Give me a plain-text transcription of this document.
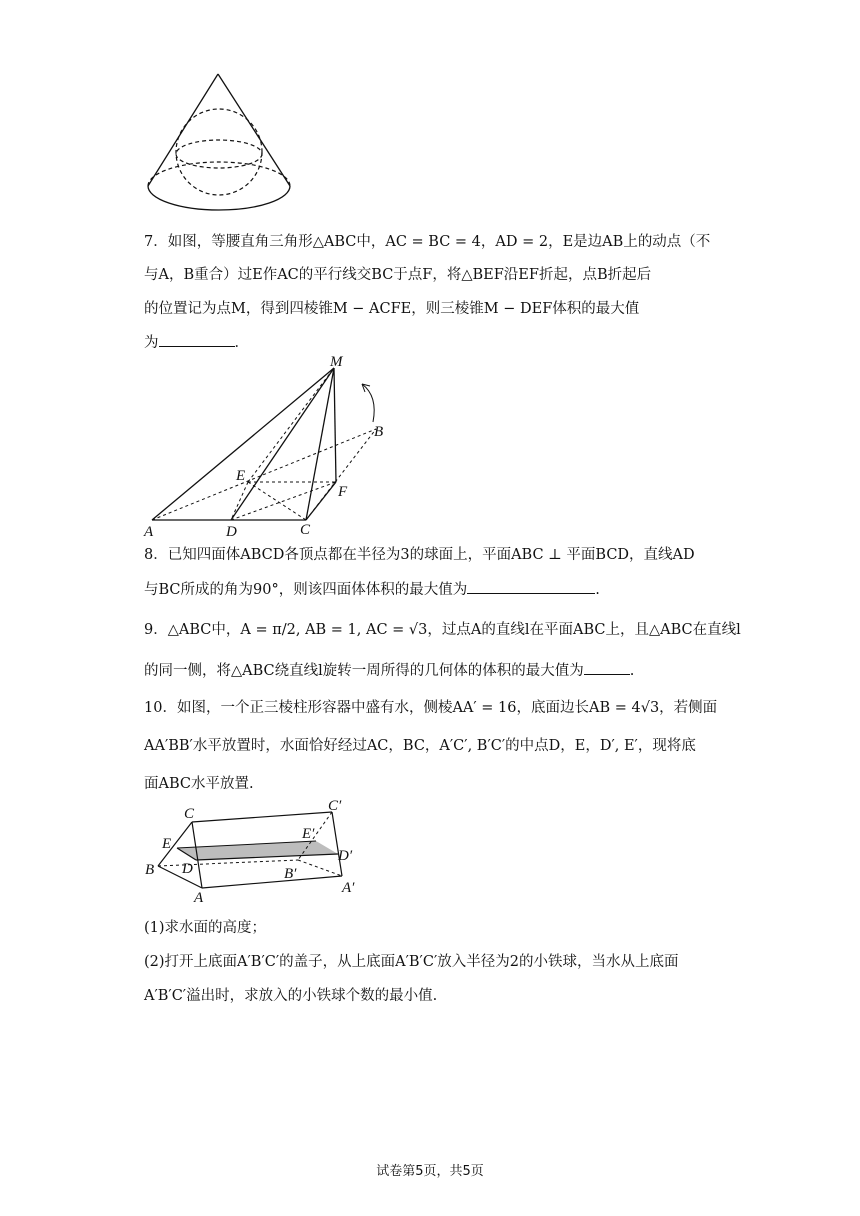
7．如图，等腰直角三角形△ABC中，AC = BC = 4，AD = 2，E是边AB上的动点（不
与A，B重合）过E作AC的平行线交BC于点F，将△BEF沿EF折起，点B折起后
的位置记为点M，得到四棱锥M − ACFE，则三棱锥M − DEF体积的最大值
为	．
M
B
E
F
A	D	C
8．已知四面体ABCD各顶点都在半径为3的球面上，平面ABC ⊥ 平面BCD，直线AD
与BC所成的角为90°，则该四面体体积的最大值为	.
9．△ABC中，A = π/2, AB = 1, AC = √3，过点A的直线l在平面ABC上，且△ABC在直线l
的同一侧，将△ABC绕直线l旋转一周所得的几何体的体积的最大值为	.
10．如图，一个正三棱柱形容器中盛有水，侧棱AA′ = 16，底面边长AB = 4√3，若侧面
AA′BB′水平放置时，水面恰好经过AC，BC，A′C′, B′C′的中点D，E，D′, E′，现将底
面ABC水平放置.
C	C′
E
E′
D′
B D	B′
A
A′
(1)求水面的高度；
(2)打开上底面A′B′C′的盖子，从上底面A′B′C′放入半径为2的小铁球，当水从上底面
A′B′C′溢出时，求放入的小铁球个数的最小值.
试卷第5页，共5页
